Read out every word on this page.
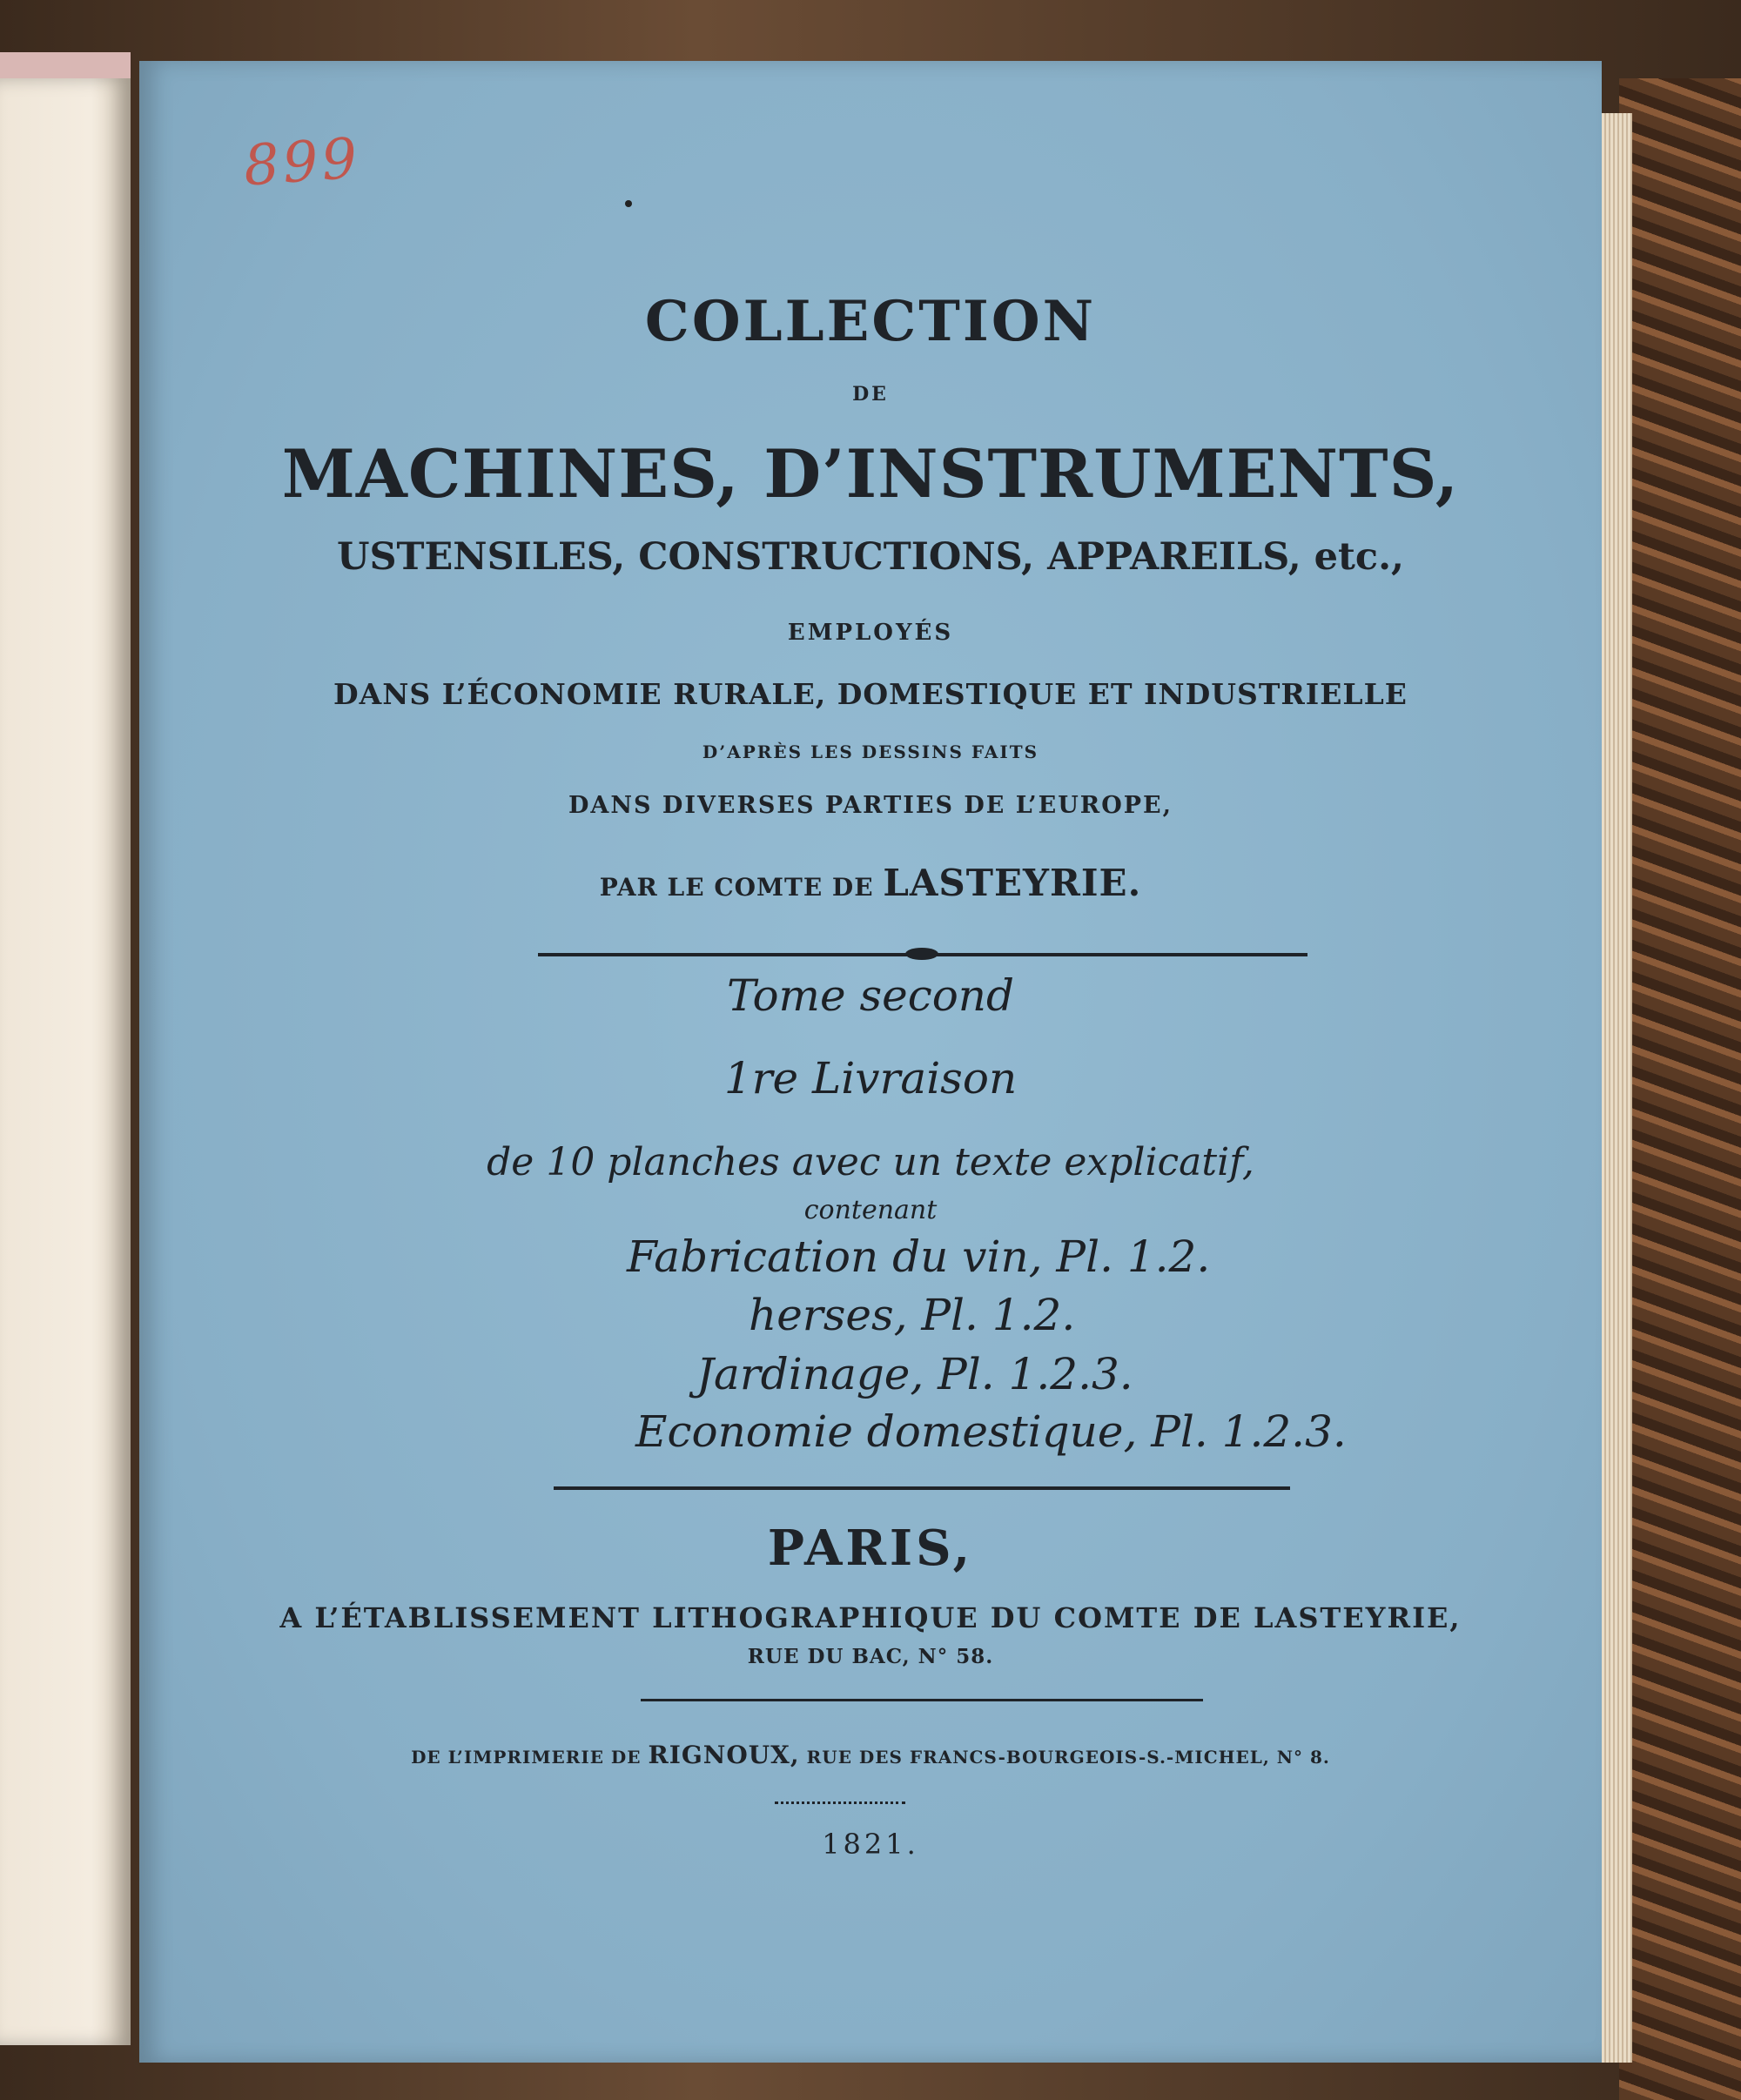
899
COLLECTION
DE
MACHINES, D’INSTRUMENTS,
USTENSILES, CONSTRUCTIONS, APPAREILS, etc.,
EMPLOYÉS
DANS L’ÉCONOMIE RURALE, DOMESTIQUE ET INDUSTRIELLE
D’APRÈS LES DESSINS FAITS
DANS DIVERSES PARTIES DE L’EUROPE,
PAR LE COMTE DE LASTEYRIE.
Tome second
1re Livraison
de 10 planches avec un texte explicatif,
contenant
Fabrication du vin, Pl. 1.2.
herses, Pl. 1.2.
Jardinage, Pl. 1.2.3.
Economie domestique, Pl. 1.2.3.
PARIS,
A L’ÉTABLISSEMENT LITHOGRAPHIQUE DU COMTE DE LASTEYRIE,
RUE DU BAC, N° 58.
DE L’IMPRIMERIE DE RIGNOUX, RUE DES FRANCS-BOURGEOIS-S.-MICHEL, N° 8.
1821.
